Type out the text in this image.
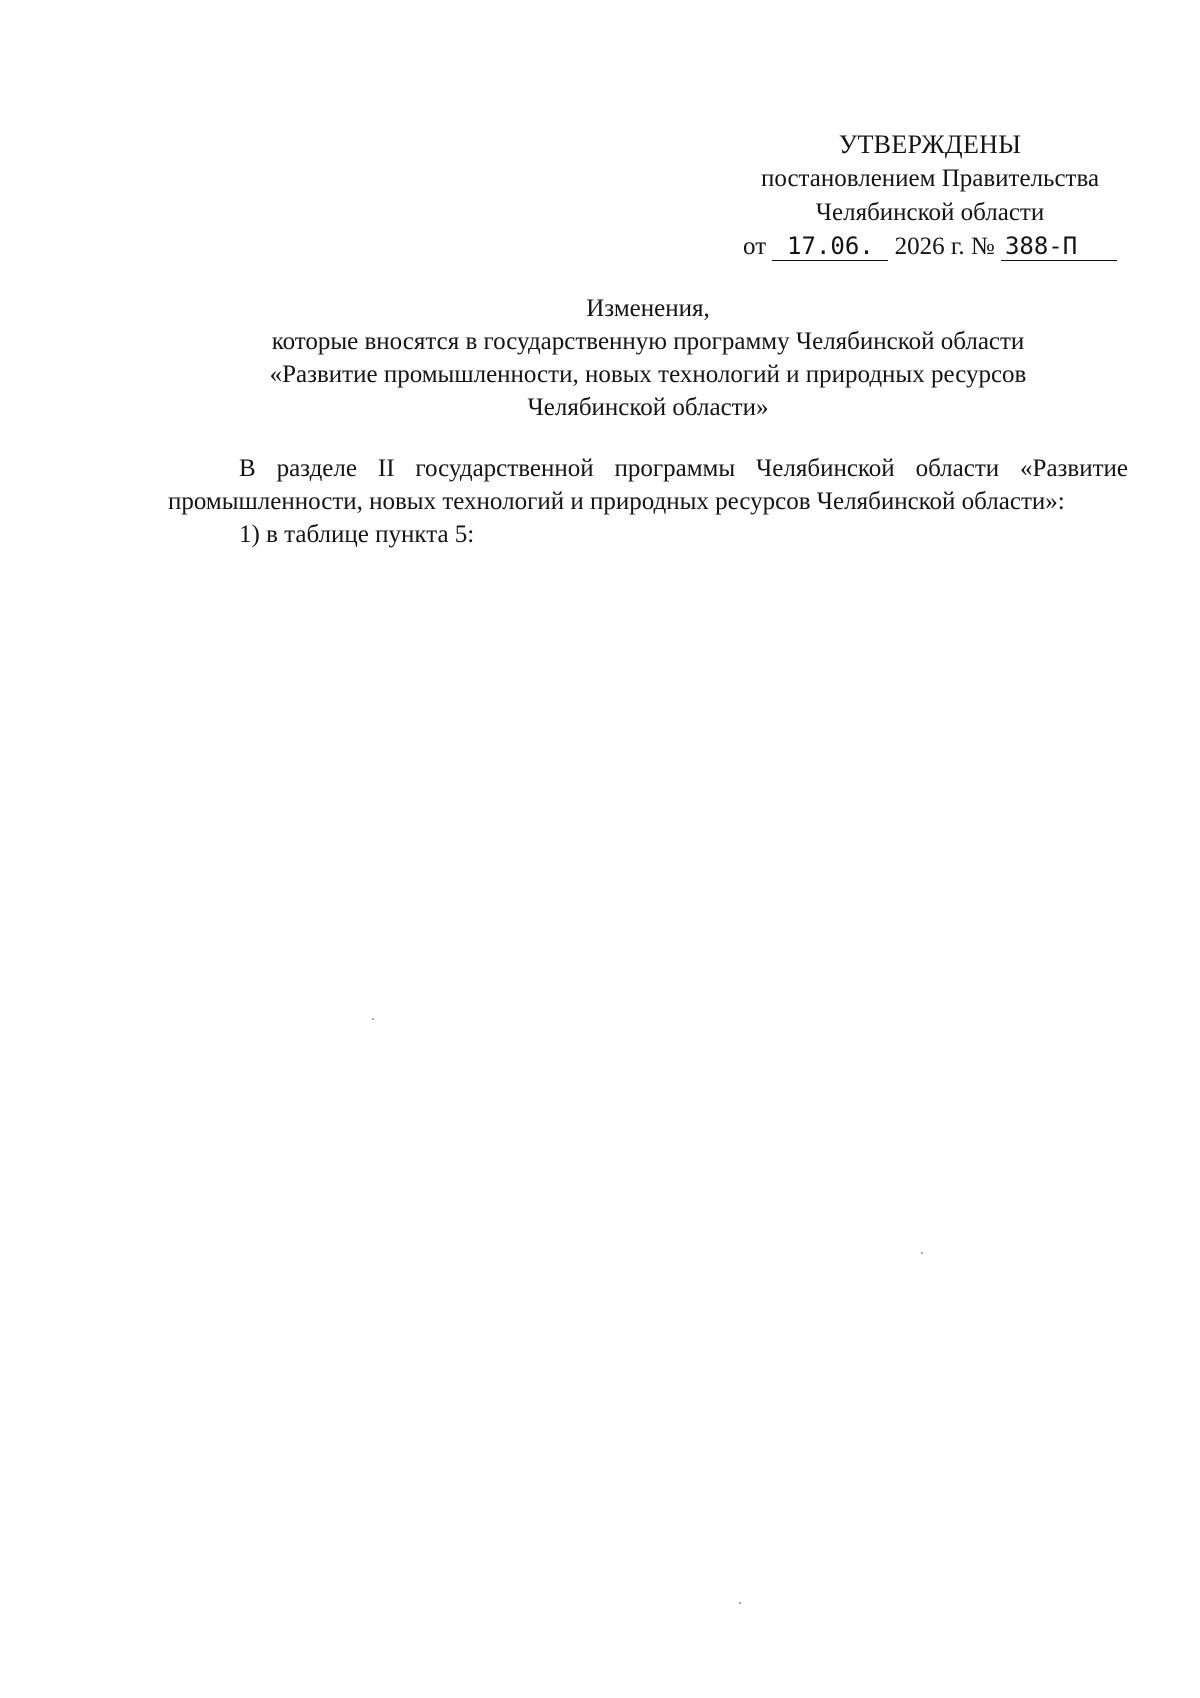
УТВЕРЖДЕНЫ
постановлением Правительства
Челябинской области
от 17.06. 2026 г. № 388-П
Изменения,
которые вносятся в государственную программу Челябинской области
«Развитие промышленности, новых технологий и природных ресурсов
Челябинской области»

В разделе II государственной программы Челябинской области «Развитие промышленности, новых технологий и природных ресурсов Челябинской области»:

1) в таблице пункта 5:
